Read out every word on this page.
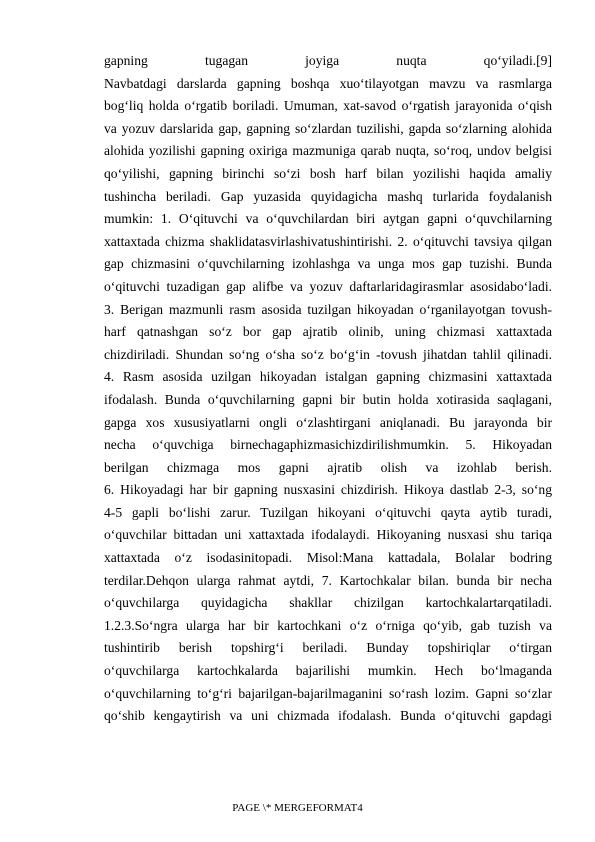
gapning tugagan joyiga nuqta qo‘yiladi.[9]
Navbatdagi darslarda gapning boshqa xuo‘tilayotgan mavzu va rasmlarga
bog‘liq holda o‘rgatib boriladi. Umuman, xat-savod o‘rgatish jarayonida o‘qish
va yozuv darslarida gap, gapning so‘zlardan tuzilishi, gapda so‘zlarning alohida
alohida yozilishi gapning oxiriga mazmuniga qarab nuqta, so‘roq, undov belgisi
qo‘yilishi, gapning birinchi so‘zi bosh harf bilan yozilishi haqida amaliy
tushincha beriladi. Gap yuzasida quyidagicha mashq turlarida foydalanish
mumkin: 1. O‘qituvchi va o‘quvchilardan biri aytgan gapni o‘quvchilarning
xattaxtada chizma shaklidatasvirlashivatushintirishi. 2. o‘qituvchi tavsiya qilgan
gap chizmasini o‘quvchilarning izohlashga va unga mos gap tuzishi. Bunda
o‘qituvchi tuzadigan gap alifbe va yozuv daftarlaridagirasmlar asosidabo‘ladi.
3. Berigan mazmunli rasm asosida tuzilgan hikoyadan o‘rganilayotgan tovush-
harf qatnashgan so‘z bor gap ajratib olinib, uning chizmasi xattaxtada
chizdiriladi. Shundan so‘ng o‘sha so‘z bo‘g‘in -tovush jihatdan tahlil qilinadi.
4. Rasm asosida uzilgan hikoyadan istalgan gapning chizmasini xattaxtada
ifodalash. Bunda o‘quvchilarning gapni bir butin holda xotirasida saqlagani,
gapga xos xususiyatlarni ongli o‘zlashtirgani aniqlanadi. Bu jarayonda bir
necha o‘quvchiga birnechagaphizmasichizdirilishmumkin. 5. Hikoyadan
berilgan chizmaga mos gapni ajratib olish va izohlab berish.
6. Hikoyadagi har bir gapning nusxasini chizdirish. Hikoya dastlab 2-3, so‘ng
4-5 gapli bo‘lishi zarur. Tuzilgan hikoyani o‘qituvchi qayta aytib turadi,
o‘quvchilar bittadan uni xattaxtada ifodalaydi. Hikoyaning nusxasi shu tariqa
xattaxtada o‘z isodasinitopadi. Misol:Mana kattadala, Bolalar bodring
terdilar.Dehqon ularga rahmat aytdi, 7. Kartochkalar bilan. bunda bir necha
o‘quvchilarga quyidagicha shakllar chizilgan kartochkalartarqatiladi.
1.2.3.So‘ngra ularga har bir kartochkani o‘z o‘rniga qo‘yib, gab tuzish va
tushintirib berish topshirg‘i beriladi. Bunday topshiriqlar o‘tirgan
o‘quvchilarga kartochkalarda bajarilishi mumkin. Hech bo‘lmaganda
o‘quvchilarning to‘g‘ri bajarilgan-bajarilmaganini so‘rash lozim. Gapni so‘zlar
qo‘shib kengaytirish va uni chizmada ifodalash. Bunda o‘qituvchi gapdagi
PAGE \* MERGEFORMAT4
